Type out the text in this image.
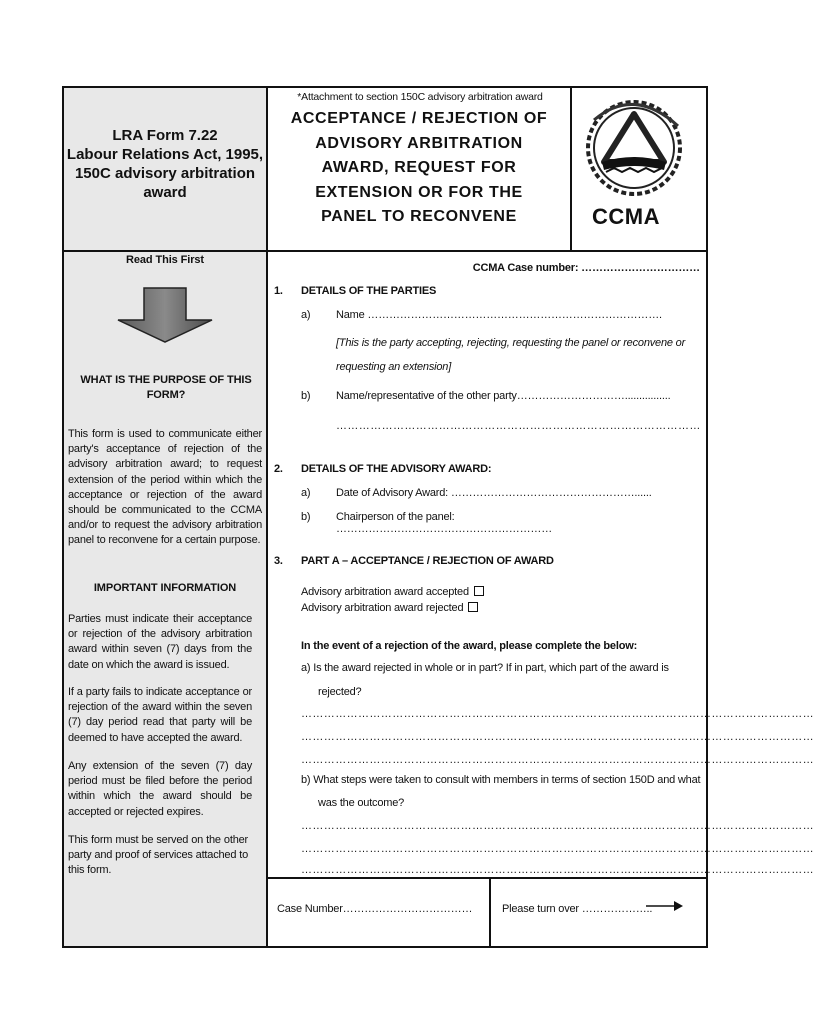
LRA Form 7.22
Labour Relations Act, 1995,
150C advisory arbitration
award
*Attachment to section 150C advisory arbitration award
ACCEPTANCE / REJECTION OF
ADVISORY ARBITRATION
AWARD, REQUEST FOR
EXTENSION OR FOR THE
PANEL TO RECONVENE	CCMA
Read This First
WHAT IS THE PURPOSE OF THIS FORM?
This form is used to communicate either party's acceptance of rejection of the advisory arbitration award; to request extension of the period within which the acceptance or rejection of the award should be communicated to the CCMA and/or to request the advisory arbitration panel to reconvene for a certain purpose.
IMPORTANT INFORMATION
Parties must indicate their acceptance or rejection of the advisory arbitration award within seven (7) days from the date on which the award is issued.
If a party fails to indicate acceptance or rejection of the award within the seven (7) day period read that party will be deemed to have accepted the award.
Any extension of the seven (7) day period must be filed before the period within which the award should be accepted or rejected expires.
This form must be served on the other party and proof of services attached to this form.
CCMA Case number: ……………………………
1. DETAILS OF THE PARTIES
a) Name ……………………………………………………………………….
[This is the party accepting, rejecting, requesting the panel or reconvene or
requesting an extension]
b) Name/representative of the other party…………………………................
……………………………………………………………………………………
2. DETAILS OF THE ADVISORY AWARD:
a) Date of Advisory Award: ……………………………………………......
b) Chairperson of the panel: ……………………………………………………
3. PART A – ACCEPTANCE / REJECTION OF AWARD
Advisory arbitration award accepted
Advisory arbitration award rejected
In the event of a rejection of the award, please complete the below:
a) Is the award rejected in whole or in part? If in part, which part of the award is
rejected?
………………………………………………………………………………………………………………………
………………………………………………………………………………………………………………………
………………………………………………………………………………………………………………………
b) What steps were taken to consult with members in terms of section 150D and what
was the outcome?
………………………………………………………………………………………………………………………
………………………………………………………………………………………………………………………
………………………………………………………………………………………………………………………
Case Number………………………………	Please turn over ………………..
